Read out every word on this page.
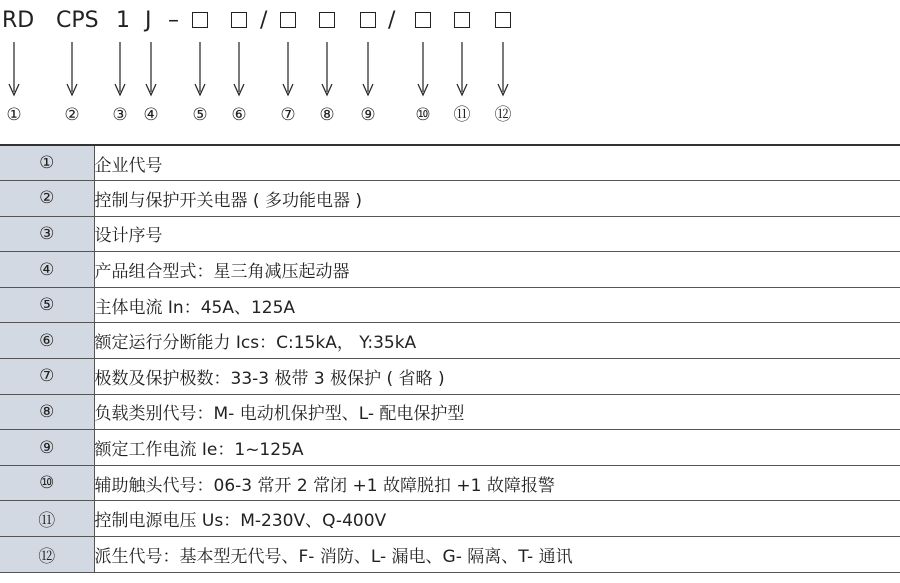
RD CPS 1 J –	/	/
①	②	③ ④	⑤	⑥	⑦	⑧	⑨	⑩	⑪	⑫
①	企业代号
②	控制与保护开关电器 ( 多功能电器 )
③	设计序号
④	产品组合型式：星三角减压起动器
⑤	主体电流 In：45A、125A
⑥	额定运行分断能力 Ics：C:15kA， Y:35kA
⑦	极数及保护极数：33-3 极带 3 极保护 ( 省略 )
⑧	负载类别代号：M- 电动机保护型、L- 配电保护型
⑨	额定工作电流 Ie：1~125A
⑩	辅助触头代号：06-3 常开 2 常闭 +1 故障脱扣 +1 故障报警
⑪	控制电源电压 Us：M-230V、Q-400V
⑫	派生代号：基本型无代号、F- 消防、L- 漏电、G- 隔离、T- 通讯
